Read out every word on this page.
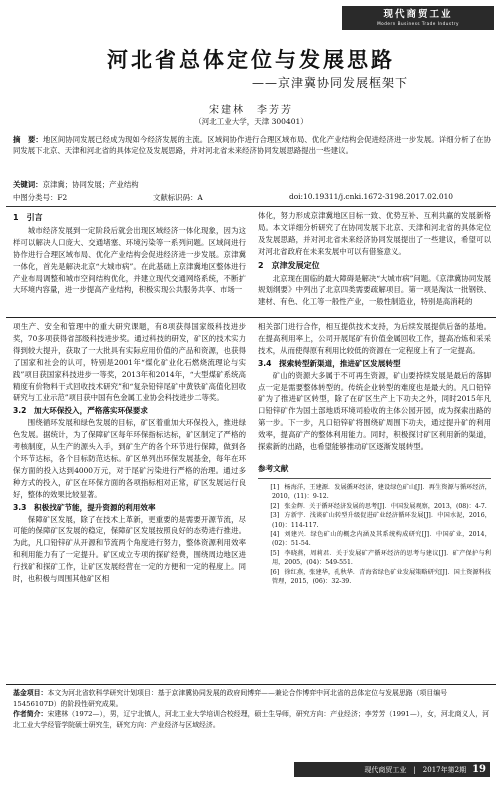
现代商贸工业
Modern Business Trade Industry
河北省总体定位与发展思路
——京津冀协同发展框架下
宋建林　李芳芳
（河北工业大学，天津 300401）
摘　要：地区间协同发展已经成为现如今经济发展的主流。区域间协作进行合理区域布局、优化产业结构会促进经济进一步发展。详细分析了在协同发展下北京、天津和河北省的具体定位及发展思路，并对河北省未来经济协同发展思路提出一些建议。
关键词：京津冀；协同发展；产业结构
中图分类号：F2	文献标识码：A	doi:10.19311/j.cnki.1672-3198.2017.02.010
1　引言

城市经济发展到一定阶段后就会出现区域经济一体化现象，因为这样可以解决人口庞大、交通堵塞、环境污染等一系列问题。区域间进行协作进行合理区域布局、优化产业结构会促进经济进一步发展。京津冀一体化，首先是解决北京“大城市病”。在此基础上京津冀地区整体进行产业布局调整和城市空间结构优化，并建立现代交通网络系统，不断扩大环境内容量，进一步提高产业结构，积极实现公共服务共享、市场一

体化，努力形成京津冀地区目标一致、优势互补、互利共赢的发展新格局。本文详细分析研究了在协同发展下北京、天津和河北省的具体定位及发展思路，并对河北省未来经济协同发展提出了一些建议，希望可以对河北省政府在未来发展中可以有借鉴意义。

2　京津发展定位

北京现在面临的最大障碍是解决“大城市病”问题。《京津冀协同发展规划纲要》中列出了北京四类需要疏解项目。第一项是淘汰一批钢铁、建材、有色、化工等一般性产业，一般性制造业，特别是高消耗的

项生产、安全和管理中的重大研究课题，有8项获得国家级科技进步奖，70多项获得省部级科技进步奖。通过科技的研发，矿区的技术实力得到较大提升，获取了一大批具有实际应用价值的产品和资源，也获得了国家和社会的认可，特别是2001年“煤化矿业化石燃烧流理论与实践”项目获国家科技进步一等奖，2013年和2014年，“大型煤矿系统高精度有价物料干式回收技术研究”和“复杂铅锌尾矿中黄铁矿高值化回收研究与工业示范”项目获中国有色金属工业协会科技进步二等奖。

3.2　加大环保投入，严格落实环保要求

围绕循环发展和绿色发展的目标，矿区着重加大环保投入，推进绿色发展。据统计，为了保障矿区每年环保指标达标，矿区制定了严格的考核制度，从生产的源头入手，到矿生产的各个环节进行保障，做到各个环节达标，各个目标防范达标。矿区单列出环保发展基金，每年在环保方面的投入达到4000万元，对于尾矿污染进行严格的治理。通过多种方式的投入，矿区在环保方面的各项指标相对正常，矿区发展运行良好，整体的效果比较显著。

3.3　积极找矿节能，提升资源的利用效率

保障矿区发展，除了在技术上革新，更重要的是需要开源节流，尽可能的保障矿区发展的稳定，保障矿区发展按照良好的态势进行推进。为此，凡口铅锌矿从开源和节流两个角度进行努力，整体资源利用效率和利用能力有了一定提升。矿区成立专项的探矿经费，围绕周边地区进行找矿和探矿工作，让矿区发展经营在一定的方便和一定的程度上。同时，也积极与周围其他矿区相

相关部门进行合作，相互提供技术支持，为后续发展提供后备的基地。在提高利用率上，公司开展尾矿有价值金属回收工作，提高冶炼和采采技术，从而使得原有利用比较低的资源在一定程度上有了一定提高。

3.4　探索转型新渠道，推进矿区发展转型

矿山的资源大多属于不可再生资源，矿山要持续发展是最后的落脚点一定是需要整体转型的。传统企业转型的难度也是最大的。凡口铅锌矿为了推进矿区转型，除了在矿区生产上下功夫之外，同时2015年凡口铅锌矿作为国土部地质环境司验收的主体公园开园，成为探索出路的第一步。下一步，凡口铅锌矿将围绕矿周围下功夫，通过提升矿的利用效率，提高矿产的整体利用能力。同时，积极探讨矿区利用新的渠道，探索新的出路，也希望能够推动矿区逐渐发展转型。

参考文献

[1] 杨海洋，王建源．发展循环经济，建设绿色矿山[J]．再生资源与循环经济，2010，(11)：9-12.

[2] 张金辉．关于循环经济发展的思考[J]．中国发展观察，2013，(08)：4-7.

[3] 方新宇．浅谈矿山转型升级促进矿业经济循环发展[J]．中国水泥，2016，(10)：114-117.

[4] 刘建兴．绿色矿山的概念内涵及其系统构成研究[J]．中国矿业，2014，(02)：51-54.

[5] 李晓燕，周莉君．关于发展矿产循环经济的思考与建议[J]．矿产保护与利用，2005，(04)：549-551.

[6] 徐红燕，张建华，孔秋华．青海省绿色矿业发展策略研究[J]．国土资源科技管理，2015，(06)：32-39.

基金项目：本文为河北省软科学研究计划项目：基于京津冀协同发展的政府间博弈——兼论合作博弈中河北省的总体定位与发展思路（项目编号15456107D）的阶段性研究成果。
作者简介：宋建林（1972—），男，辽宁北镇人，河北工业大学培训合校经理，硕士生导师，研究方向：产业经济；李芳芳（1991—），女，河北商义人，河北工业大学经管学院硕士研究生，研究方向：产业经济与区域经济。
现代商贸工业　|　2017年第2期 19
